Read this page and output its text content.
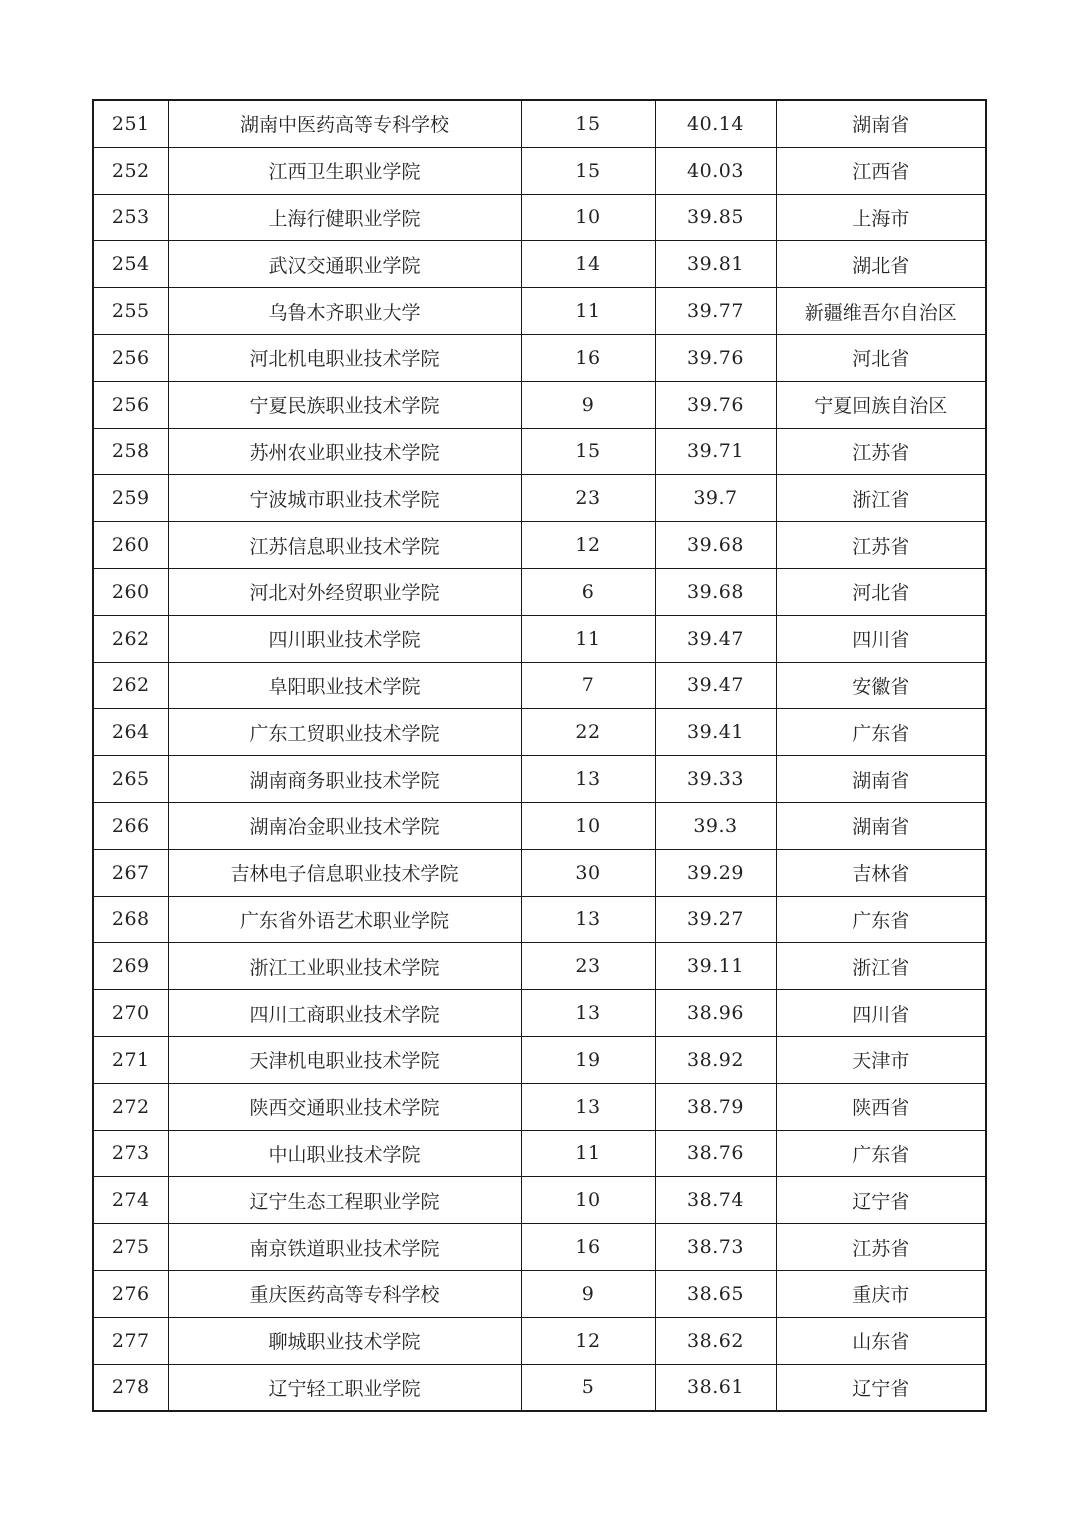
251	湖南中医药高等专科学校	15	40.14	湖南省
252	江西卫生职业学院	15	40.03	江西省
253	上海行健职业学院	10	39.85	上海市
254	武汉交通职业学院	14	39.81	湖北省
255	乌鲁木齐职业大学	11	39.77	新疆维吾尔自治区
256	河北机电职业技术学院	16	39.76	河北省
256	宁夏民族职业技术学院	9	39.76	宁夏回族自治区
258	苏州农业职业技术学院	15	39.71	江苏省
259	宁波城市职业技术学院	23	39.7	浙江省
260	江苏信息职业技术学院	12	39.68	江苏省
260	河北对外经贸职业学院	6	39.68	河北省
262	四川职业技术学院	11	39.47	四川省
262	阜阳职业技术学院	7	39.47	安徽省
264	广东工贸职业技术学院	22	39.41	广东省
265	湖南商务职业技术学院	13	39.33	湖南省
266	湖南冶金职业技术学院	10	39.3	湖南省
267	吉林电子信息职业技术学院	30	39.29	吉林省
268	广东省外语艺术职业学院	13	39.27	广东省
269	浙江工业职业技术学院	23	39.11	浙江省
270	四川工商职业技术学院	13	38.96	四川省
271	天津机电职业技术学院	19	38.92	天津市
272	陕西交通职业技术学院	13	38.79	陕西省
273	中山职业技术学院	11	38.76	广东省
274	辽宁生态工程职业学院	10	38.74	辽宁省
275	南京铁道职业技术学院	16	38.73	江苏省
276	重庆医药高等专科学校	9	38.65	重庆市
277	聊城职业技术学院	12	38.62	山东省
278	辽宁轻工职业学院	5	38.61	辽宁省
